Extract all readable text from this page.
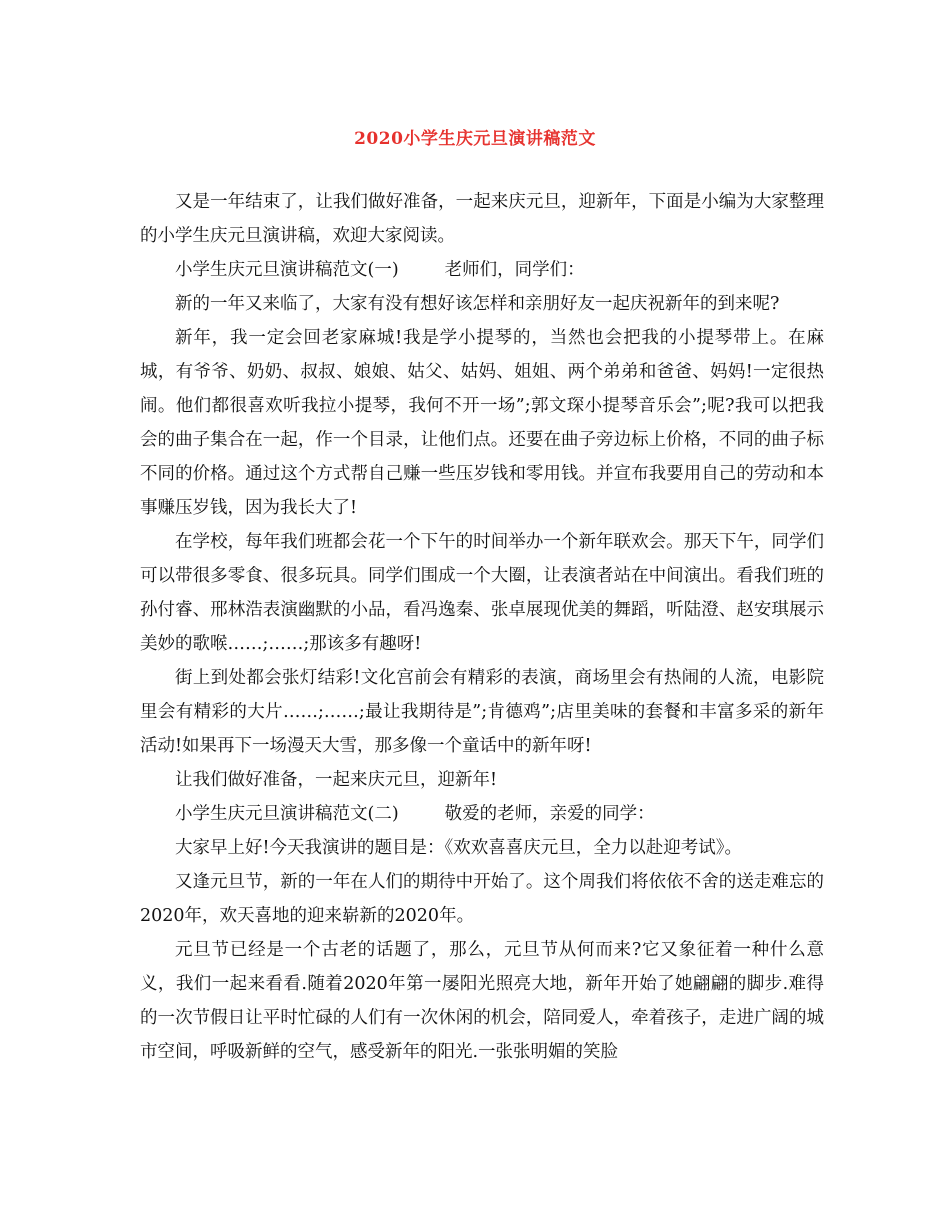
2020小学生庆元旦演讲稿范文

又是一年结束了，让我们做好准备，一起来庆元旦，迎新年，下面是小编为大家整理的小学生庆元旦演讲稿，欢迎大家阅读。

小学生庆元旦演讲稿范文(一)	老师们，同学们：

新的一年又来临了，大家有没有想好该怎样和亲朋好友一起庆祝新年的到来呢?

新年，我一定会回老家麻城!我是学小提琴的，当然也会把我的小提琴带上。在麻城，有爷爷、奶奶、叔叔、娘娘、姑父、姑妈、姐姐、两个弟弟和爸爸、妈妈!一定很热闹。他们都很喜欢听我拉小提琴，我何不开一场”;郭文琛小提琴音乐会”;呢?我可以把我会的曲子集合在一起，作一个目录，让他们点。还要在曲子旁边标上价格，不同的曲子标不同的价格。通过这个方式帮自己赚一些压岁钱和零用钱。并宣布我要用自己的劳动和本事赚压岁钱，因为我长大了!

在学校，每年我们班都会花一个下午的时间举办一个新年联欢会。那天下午，同学们可以带很多零食、很多玩具。同学们围成一个大圈，让表演者站在中间演出。看我们班的孙付睿、邢林浩表演幽默的小品，看冯逸秦、张卓展现优美的舞蹈，听陆澄、赵安琪展示美妙的歌喉……;……;那该多有趣呀!

街上到处都会张灯结彩!文化宫前会有精彩的表演，商场里会有热闹的人流，电影院里会有精彩的大片……;……;最让我期待是”;肯德鸡”;店里美味的套餐和丰富多采的新年活动!如果再下一场漫天大雪，那多像一个童话中的新年呀!

让我们做好准备，一起来庆元旦，迎新年!

小学生庆元旦演讲稿范文(二)	敬爱的老师，亲爱的同学：

大家早上好!今天我演讲的题目是：《欢欢喜喜庆元旦，全力以赴迎考试》。

又逢元旦节，新的一年在人们的期待中开始了。这个周我们将依依不舍的送走难忘的2020年，欢天喜地的迎来崭新的2020年。

元旦节已经是一个古老的话题了，那么，元旦节从何而来?它又象征着一种什么意义，我们一起来看看.随着2020年第一屡阳光照亮大地，新年开始了她翩翩的脚步.难得的一次节假日让平时忙碌的人们有一次休闲的机会，陪同爱人，牵着孩子，走进广阔的城市空间，呼吸新鲜的空气，感受新年的阳光.一张张明媚的笑脸
